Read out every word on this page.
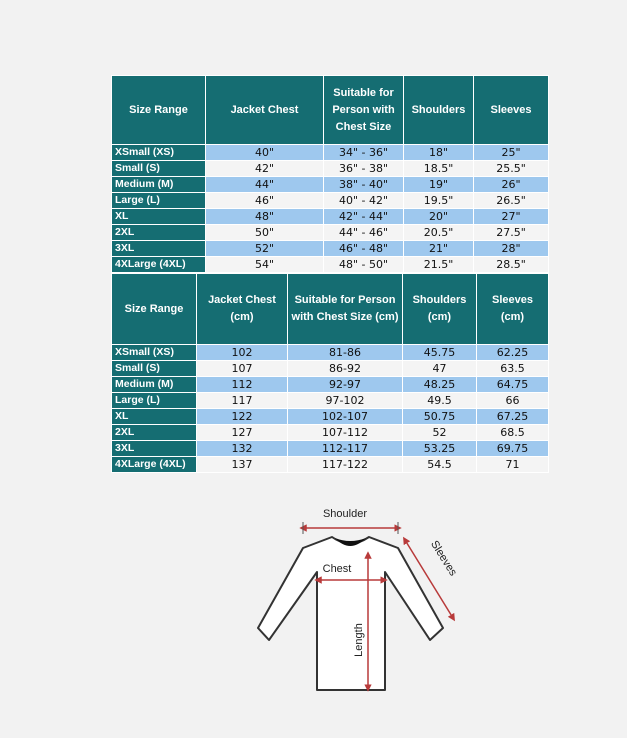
Size Range	Jacket Chest	Suitable for Person with Chest Size	Shoulders	Sleeves
XSmall (XS)	40"	34" - 36"	18"	25"
Small (S)	42"	36" - 38"	18.5"	25.5"
Medium (M)	44"	38" - 40"	19"	26"
Large (L)	46"	40" - 42"	19.5"	26.5"
XL	48"	42" - 44"	20"	27"
2XL	50"	44" - 46"	20.5"	27.5"
3XL	52"	46" - 48"	21"	28"
4XLarge (4XL)	54"	48" - 50"	21.5"	28.5"
Size Range	Jacket Chest (cm)	Suitable for Person with Chest Size (cm)	Shoulders (cm)	Sleeves (cm)
XSmall (XS)	102	81-86	45.75	62.25
Small (S)	107	86-92	47	63.5
Medium (M)	112	92-97	48.25	64.75
Large (L)	117	97-102	49.5	66
XL	122	102-107	50.75	67.25
2XL	127	107-112	52	68.5
3XL	132	112-117	53.25	69.75
4XLarge (4XL)	137	117-122	54.5	71
Shoulder
Chest	Sleeves
Length
